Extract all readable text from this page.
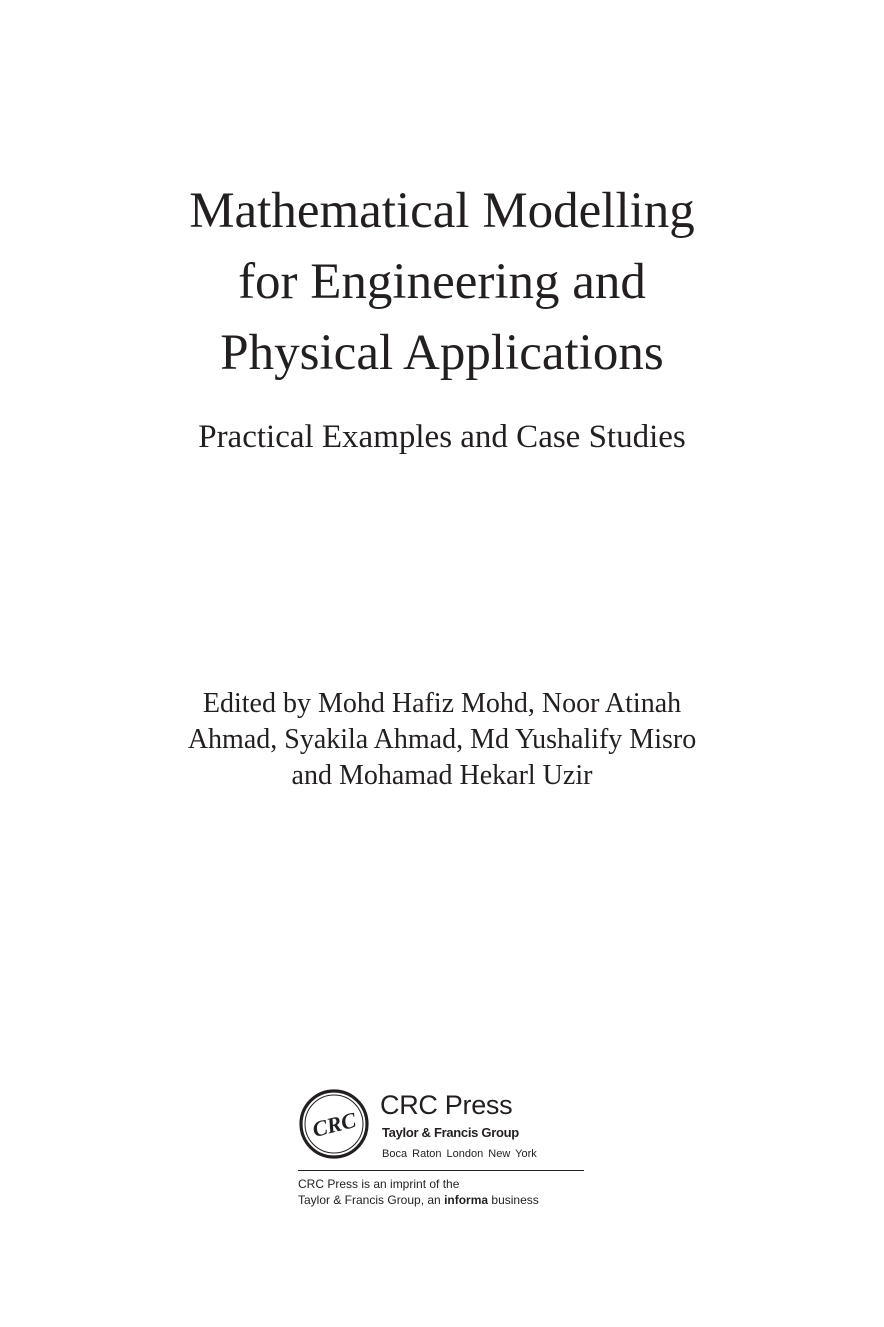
Mathematical Modelling
for Engineering and
Physical Applications
Practical Examples and Case Studies
Edited by Mohd Hafiz Mohd, Noor Atinah
Ahmad, Syakila Ahmad, Md Yushalify Misro
and Mohamad Hekarl Uzir
CRC
CRC Press
Taylor & Francis Group
Boca Raton London New York
CRC Press is an imprint of the
Taylor & Francis Group, an informa business
